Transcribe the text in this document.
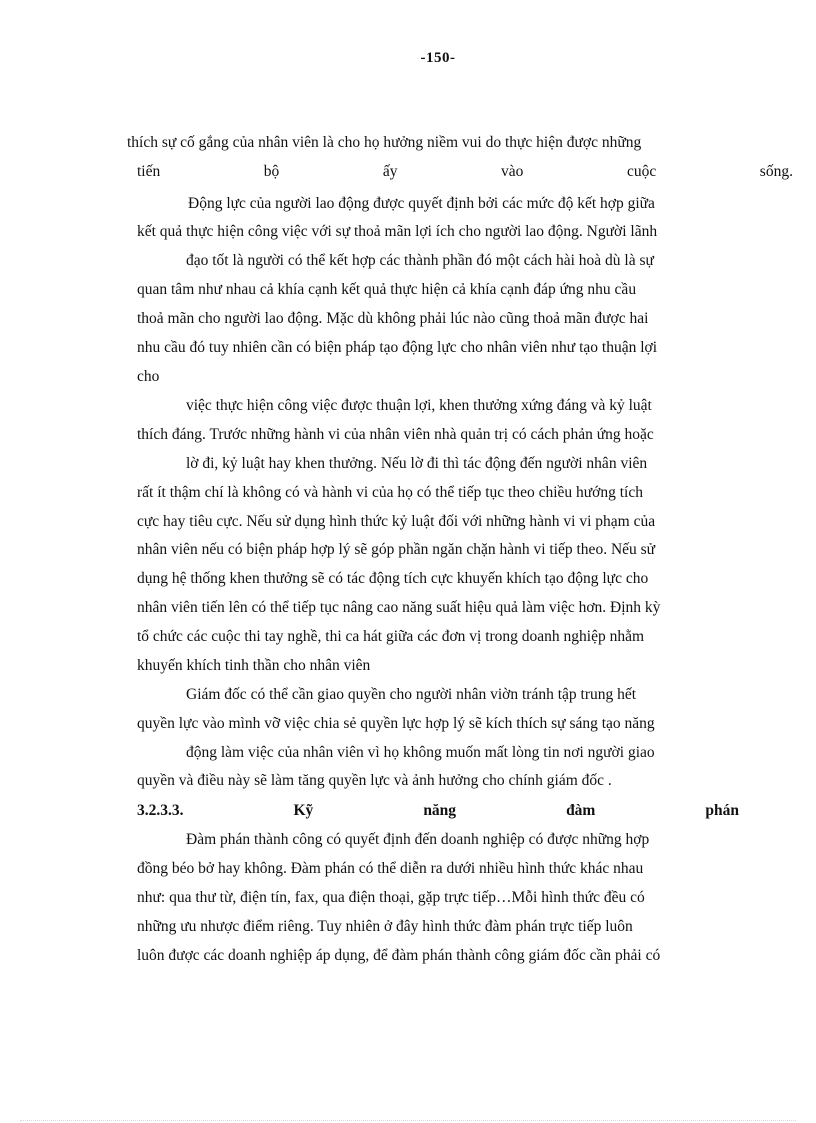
-150-
thích sự cố gắng của nhân viên là cho họ hưởng niềm vui do thực hiện được những
tiến	bộ	ấy	vào	cuộc	sống.
Động lực của người lao động được quyết định bởi các mức độ kết hợp giữa
kết quả thực hiện công việc với sự thoả mãn lợi ích cho người lao động. Người lãnh
đạo tốt là người có thể kết hợp các thành phần đó một cách hài hoà dù là sự
quan tâm như nhau cả khía cạnh kết quả thực hiện cả khía cạnh đáp ứng nhu cầu
thoả mãn cho người lao động. Mặc dù không phải lúc nào cũng thoả mãn được hai
nhu cầu đó tuy nhiên cần có biện pháp tạo động lực cho nhân viên như tạo thuận lợi
cho
việc thực hiện công việc được thuận lợi, khen thưởng xứng đáng và kỷ luật
thích đáng. Trước những hành vi của nhân viên nhà quản trị có cách phản ứng hoặc
lờ đi, kỷ luật hay khen thưởng. Nếu lờ đi thì tác động đến người nhân viên
rất ít thậm chí là không có và hành vi của họ có thể tiếp tục theo chiều hướng tích
cực hay tiêu cực. Nếu sử dụng hình thức kỷ luật đối với những hành vi vi phạm của
nhân viên nếu có biện pháp hợp lý sẽ góp phần ngăn chặn hành vi tiếp theo. Nếu sử
dụng hệ thống khen thưởng sẽ có tác động tích cực khuyến khích tạo động lực cho
nhân viên tiến lên có thể tiếp tục nâng cao năng suất hiệu quả làm việc hơn. Định kỳ
tổ chức các cuộc thi tay nghề, thi ca hát giữa các đơn vị trong doanh nghiệp nhằm
khuyến khích tinh thần cho nhân viên
Giám đốc có thể cần giao quyền cho người nhân viờn tránh tập trung hết
quyền lực vào mình vỡ việc chia sẻ quyền lực hợp lý sẽ kích thích sự sáng tạo năng
động làm việc của nhân viên vì họ không muốn mất lòng tin nơi người giao
quyền và điều này sẽ làm tăng quyền lực và ảnh hưởng cho chính giám đốc .
3.2.3.3.	Kỹ	năng	đàm	phán
Đàm phán thành công có quyết định đến doanh nghiệp có được những hợp
đồng béo bở hay không. Đàm phán có thể diễn ra dưới nhiều hình thức khác nhau
như: qua thư từ, điện tín, fax, qua điện thoại, gặp trực tiếp…Mỗi hình thức đều có
những ưu nhược điểm riêng. Tuy nhiên ở đây hình thức đàm phán trực tiếp luôn
luôn được các doanh nghiệp áp dụng, để đàm phán thành công giám đốc cần phải có
